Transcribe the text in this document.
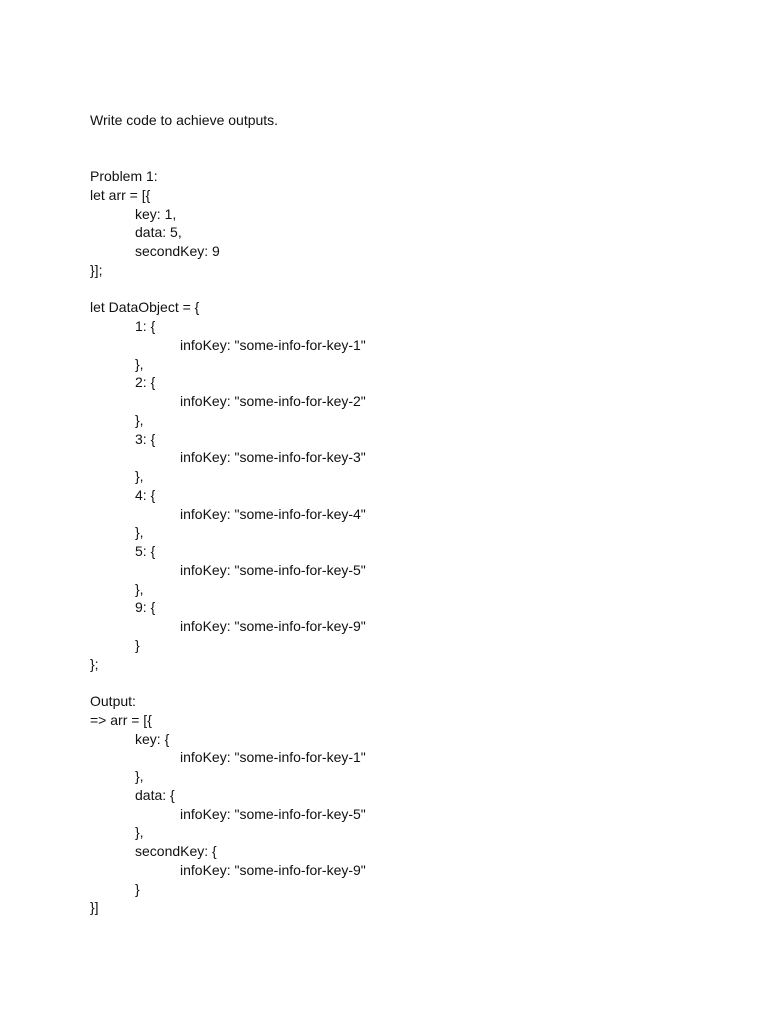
Write code to achieve outputs.
Problem 1:
let arr = [{
key: 1,
data: 5,
secondKey: 9
}];
let DataObject = {
1: {
infoKey: "some-info-for-key-1"
},
2: {
infoKey: "some-info-for-key-2"
},
3: {
infoKey: "some-info-for-key-3"
},
4: {
infoKey: "some-info-for-key-4"
},
5: {
infoKey: "some-info-for-key-5"
},
9: {
infoKey: "some-info-for-key-9"
}
};
Output:
=> arr = [{
key: {
infoKey: "some-info-for-key-1"
},
data: {
infoKey: "some-info-for-key-5"
},
secondKey: {
infoKey: "some-info-for-key-9"
}
}]
